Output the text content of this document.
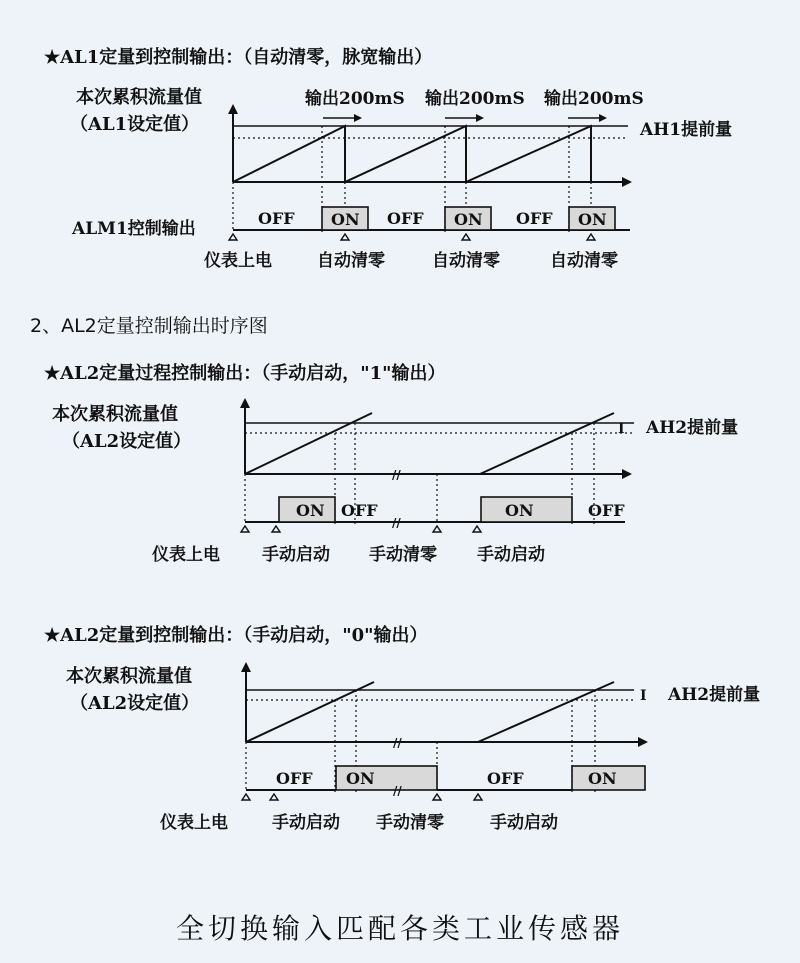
★AL1定量到控制输出：（自动清零，脉宽输出）
本次累积流量值
（AL1设定值）	AH1提前量
输出200mS 输出200mS 输出200mS
ALM1控制输出
OFF ON OFF ON OFF ON
仪表上电	自动清零	自动清零	自动清零
2、AL2定量控制输出时序图
★AL2定量过程控制输出：（手动启动，"1"输出）
本次累积流量值
（AL2设定值）
//
I AH2提前量
//
ON OFF	ON	OFF
仪表上电 手动启动 手动清零 手动启动
★AL2定量到控制输出：（手动启动，"0"输出）
本次累积流量值
（AL2设定值）
//
I AH2提前量
//
OFF ON	OFF	ON
仪表上电	手动启动 手动清零	手动启动
全切换输入匹配各类工业传感器
